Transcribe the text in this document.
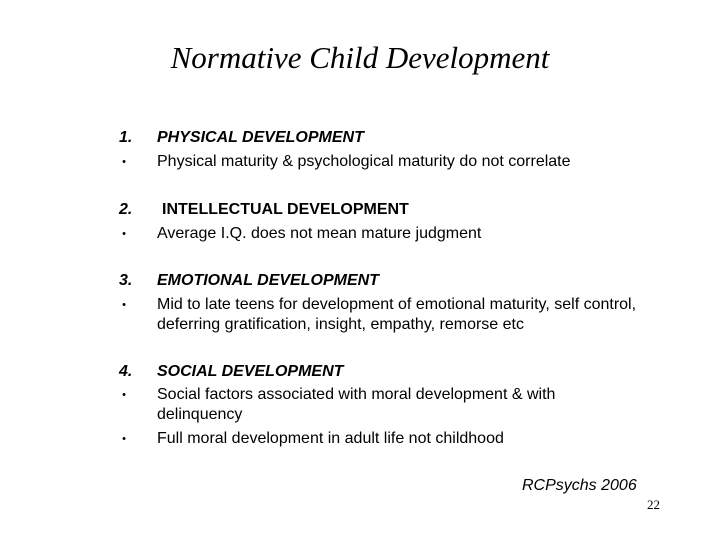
Normative Child Development
1.	PHYSICAL DEVELOPMENT
•	Physical maturity & psychological maturity do not correlate
2.	INTELLECTUAL DEVELOPMENT
•	Average I.Q. does not mean mature judgment
3.	EMOTIONAL DEVELOPMENT
•	Mid to late teens for development of emotional maturity, self control, deferring gratification, insight, empathy, remorse etc
4.	SOCIAL DEVELOPMENT
•	Social factors associated with moral development & with delinquency
•	Full moral development in adult life not childhood
RCPsychs 2006
22
